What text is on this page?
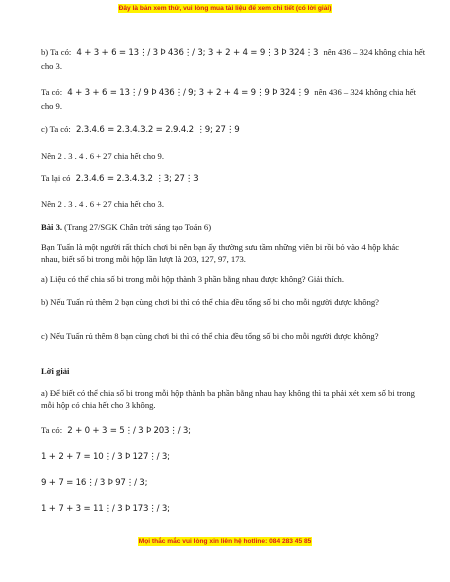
Đây là bản xem thử, vui lòng mua tài liệu để xem chi tiết (có lời giải)
b) Ta có: 4 + 3 + 6 = 13⋮/ 3 Þ 436⋮/ 3; 3 + 2 + 4 = 9⋮3 Þ 324⋮3 nên 436 – 324 không chia hết
cho 3.
Ta có: 4 + 3 + 6 = 13⋮/ 9 Þ 436⋮/ 9; 3 + 2 + 4 = 9⋮9 Þ 324⋮9 nên 436 – 324 không chia hết
cho 9.
c) Ta có: 2.3.4.6 = 2.3.4.3.2 = 2.9.4.2 ⋮9; 27⋮9
Nên 2 . 3 . 4 . 6 + 27 chia hết cho 9.
Ta lại có 2.3.4.6 = 2.3.4.3.2 ⋮3; 27⋮3
Nên 2 . 3 . 4 . 6 + 27 chia hết cho 3.
Bài 3. (Trang 27/SGK Chân trời sáng tạo Toán 6)
Bạn Tuấn là một người rất thích chơi bi nên bạn ấy thường sưu tầm những viên bi rồi bỏ vào 4 hộp khác nhau, biết số bi trong mỗi hộp lần lượt là 203, 127, 97, 173.
a) Liệu có thể chia số bi trong mỗi hộp thành 3 phần bằng nhau được không? Giải thích.
b) Nếu Tuấn rủ thêm 2 bạn cùng chơi bi thì có thể chia đều tổng số bi cho mỗi người được không?
c) Nếu Tuấn rủ thêm 8 bạn cùng chơi bi thì có thể chia đều tổng số bi cho mỗi người được không?
Lời giải
a) Để biết có thể chia số bi trong mỗi hộp thành ba phần bằng nhau hay không thì ta phải xét xem số bi trong mỗi hộp có chia hết cho 3 không.
Ta có: 2 + 0 + 3 = 5⋮/ 3 Þ 203⋮/ 3;
1 + 2 + 7 = 10⋮/ 3 Þ 127⋮/ 3;
9 + 7 = 16⋮/ 3 Þ 97⋮/ 3;
1 + 7 + 3 = 11⋮/ 3 Þ 173⋮/ 3;
Mọi thắc mắc vui lòng xin liên hệ hotline: 084 283 45 85
